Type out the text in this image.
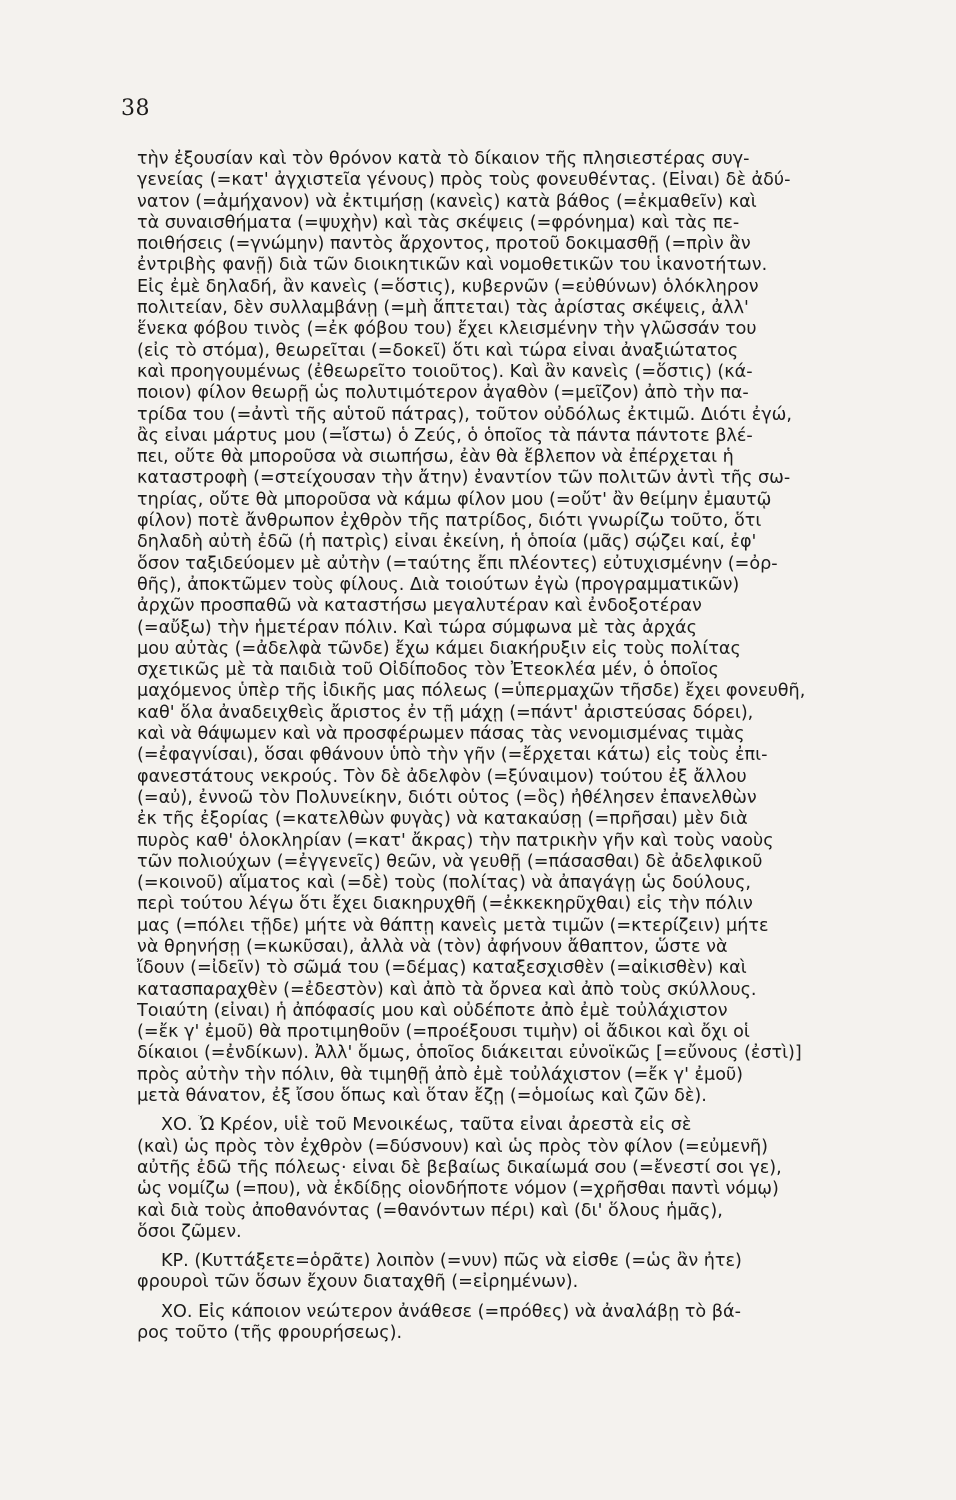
38
τὴν ἐξουσίαν καὶ τὸν θρόνον κατὰ τὸ δίκαιον τῆς πλησιεστέρας συγ-
γενείας (=κατ' ἀγχιστεῖα γένους) πρὸς τοὺς φονευθέντας. (Εἶναι) δὲ ἀδύ-
νατον (=ἀμήχανον) νὰ ἐκτιμήσῃ (κανεὶς) κατὰ βάθος (=ἐκμαθεῖν) καὶ
τὰ συναισθήματα (=ψυχὴν) καὶ τὰς σκέψεις (=φρόνημα) καὶ τὰς πε-
ποιθήσεις (=γνώμην) παντὸς ἄρχοντος, προτοῦ δοκιμασθῇ (=πρὶν ἂν
ἐντριβὴς φανῇ) διὰ τῶν διοικητικῶν καὶ νομοθετικῶν του ἱκανοτήτων.
Εἰς ἐμὲ δηλαδή, ἂν κανεὶς (=ὅστις), κυβερνῶν (=εὐθύνων) ὁλόκληρον
πολιτείαν, δὲν συλλαμβάνῃ (=μὴ ἅπτεται) τὰς ἀρίστας σκέψεις, ἀλλ'
ἕνεκα φόβου τινὸς (=ἐκ φόβου του) ἔχει κλεισμένην τὴν γλῶσσάν του
(εἰς τὸ στόμα), θεωρεῖται (=δοκεῖ) ὅτι καὶ τώρα εἶναι ἀναξιώτατος
καὶ προηγουμένως (ἐθεωρεῖτο τοιοῦτος). Καὶ ἂν κανεὶς (=ὅστις) (κά-
ποιον) φίλον θεωρῇ ὡς πολυτιμότερον ἀγαθὸν (=μεῖζον) ἀπὸ τὴν πα-
τρίδα του (=ἀντὶ τῆς αὑτοῦ πάτρας), τοῦτον οὐδόλως ἐκτιμῶ. Διότι ἐγώ,
ἂς εἶναι μάρτυς μου (=ἴστω) ὁ Ζεύς, ὁ ὁποῖος τὰ πάντα πάντοτε βλέ-
πει, οὔτε θὰ μποροῦσα νὰ σιωπήσω, ἐὰν θὰ ἔβλεπον νὰ ἐπέρχεται ἡ
καταστροφὴ (=στείχουσαν τὴν ἄτην) ἐναντίον τῶν πολιτῶν ἀντὶ τῆς σω-
τηρίας, οὔτε θὰ μποροῦσα νὰ κάμω φίλον μου (=οὔτ' ἂν θείμην ἐμαυτῷ
φίλον) ποτὲ ἄνθρωπον ἐχθρὸν τῆς πατρίδος, διότι γνωρίζω τοῦτο, ὅτι
δηλαδὴ αὐτὴ ἐδῶ (ἡ πατρὶς) εἶναι ἐκείνη, ἡ ὁποία (μᾶς) σῴζει καί, ἐφ'
ὅσον ταξιδεύομεν μὲ αὐτὴν (=ταύτης ἔπι πλέοντες) εὐτυχισμένην (=ὀρ-
θῆς), ἀποκτῶμεν τοὺς φίλους. Διὰ τοιούτων ἐγὼ (προγραμματικῶν)
ἀρχῶν προσπαθῶ νὰ καταστήσω μεγαλυτέραν καὶ ἐνδοξοτέραν
(=αὔξω) τὴν ἡμετέραν πόλιν. Καὶ τώρα σύμφωνα μὲ τὰς ἀρχάς
μου αὐτὰς (=ἀδελφὰ τῶνδε) ἔχω κάμει διακήρυξιν εἰς τοὺς πολίτας
σχετικῶς μὲ τὰ παιδιὰ τοῦ Οἰδίποδος τὸν Ἐτεοκλέα μέν, ὁ ὁποῖος
μαχόμενος ὑπὲρ τῆς ἰδικῆς μας πόλεως (=ὑπερμαχῶν τῆσδε) ἔχει φονευθῆ,
καθ' ὅλα ἀναδειχθεὶς ἄριστος ἐν τῇ μάχῃ (=πάντ' ἀριστεύσας δόρει),
καὶ νὰ θάψωμεν καὶ νὰ προσφέρωμεν πάσας τὰς νενομισμένας τιμὰς
(=ἐφαγνίσαι), ὅσαι φθάνουν ὑπὸ τὴν γῆν (=ἔρχεται κάτω) εἰς τοὺς ἐπι-
φανεστάτους νεκρούς. Τὸν δὲ ἀδελφὸν (=ξύναιμον) τούτου ἐξ ἄλλου
(=αὖ), ἐννοῶ τὸν Πολυνείκην, διότι οὗτος (=ὃς) ἠθέλησεν ἐπανελθὼν
ἐκ τῆς ἐξορίας (=κατελθὼν φυγὰς) νὰ κατακαύσῃ (=πρῆσαι) μὲν διὰ
πυρὸς καθ' ὁλοκληρίαν (=κατ' ἄκρας) τὴν πατρικὴν γῆν καὶ τοὺς ναοὺς
τῶν πολιούχων (=ἐγγενεῖς) θεῶν, νὰ γευθῇ (=πάσασθαι) δὲ ἀδελφικοῦ
(=κοινοῦ) αἵματος καὶ (=δὲ) τοὺς (πολίτας) νὰ ἀπαγάγῃ ὡς δούλους,
περὶ τούτου λέγω ὅτι ἔχει διακηρυχθῆ (=ἐκκεκηρῦχθαι) εἰς τὴν πόλιν
μας (=πόλει τῇδε) μήτε νὰ θάπτῃ κανεὶς μετὰ τιμῶν (=κτερίζειν) μήτε
νὰ θρηνήσῃ (=κωκῦσαι), ἀλλὰ νὰ (τὸν) ἀφήνουν ἄθαπτον, ὥστε νὰ
ἴδουν (=ἰδεῖν) τὸ σῶμά του (=δέμας) καταξεσχισθὲν (=αἰκισθὲν) καὶ
κατασπαραχθὲν (=ἐδεστὸν) καὶ ἀπὸ τὰ ὄρνεα καὶ ἀπὸ τοὺς σκύλλους.
Τοιαύτη (εἶναι) ἡ ἀπόφασίς μου καὶ οὐδέποτε ἀπὸ ἐμὲ τοὐλάχιστον
(=ἔκ γ' ἐμοῦ) θὰ προτιμηθοῦν (=προέξουσι τιμὴν) οἱ ἄδικοι καὶ ὄχι οἱ
δίκαιοι (=ἐνδίκων). Ἀλλ' ὅμως, ὁποῖος διάκειται εὐνοϊκῶς [=εὔνους (ἐστὶ)]
πρὸς αὐτὴν τὴν πόλιν, θὰ τιμηθῇ ἀπὸ ἐμὲ τοὐλάχιστον (=ἔκ γ' ἐμοῦ)
μετὰ θάνατον, ἐξ ἴσου ὅπως καὶ ὅταν ἔζῃ (=ὁμοίως καὶ ζῶν δὲ).
ΧΟ. Ὦ Κρέον, υἱὲ τοῦ Μενοικέως, ταῦτα εἶναι ἀρεστὰ εἰς σὲ
(καὶ) ὡς πρὸς τὸν ἐχθρὸν (=δύσνουν) καὶ ὡς πρὸς τὸν φίλον (=εὐμενῆ)
αὐτῆς ἐδῶ τῆς πόλεως· εἶναι δὲ βεβαίως δικαίωμά σου (=ἔνεστί σοι γε),
ὡς νομίζω (=που), νὰ ἐκδίδῃς οἱονδήποτε νόμον (=χρῆσθαι παντὶ νόμῳ)
καὶ διὰ τοὺς ἀποθανόντας (=θανόντων πέρι) καὶ (δι' ὅλους ἡμᾶς),
ὅσοι ζῶμεν.
ΚΡ. (Κυττάξετε=ὁρᾶτε) λοιπὸν (=νυν) πῶς νὰ εἶσθε (=ὡς ἂν ἦτε)
φρουροὶ τῶν ὅσων ἔχουν διαταχθῆ (=εἰρημένων).
ΧΟ. Εἰς κάποιον νεώτερον ἀνάθεσε (=πρόθες) νὰ ἀναλάβῃ τὸ βά-
ρος τοῦτο (τῆς φρουρήσεως).
